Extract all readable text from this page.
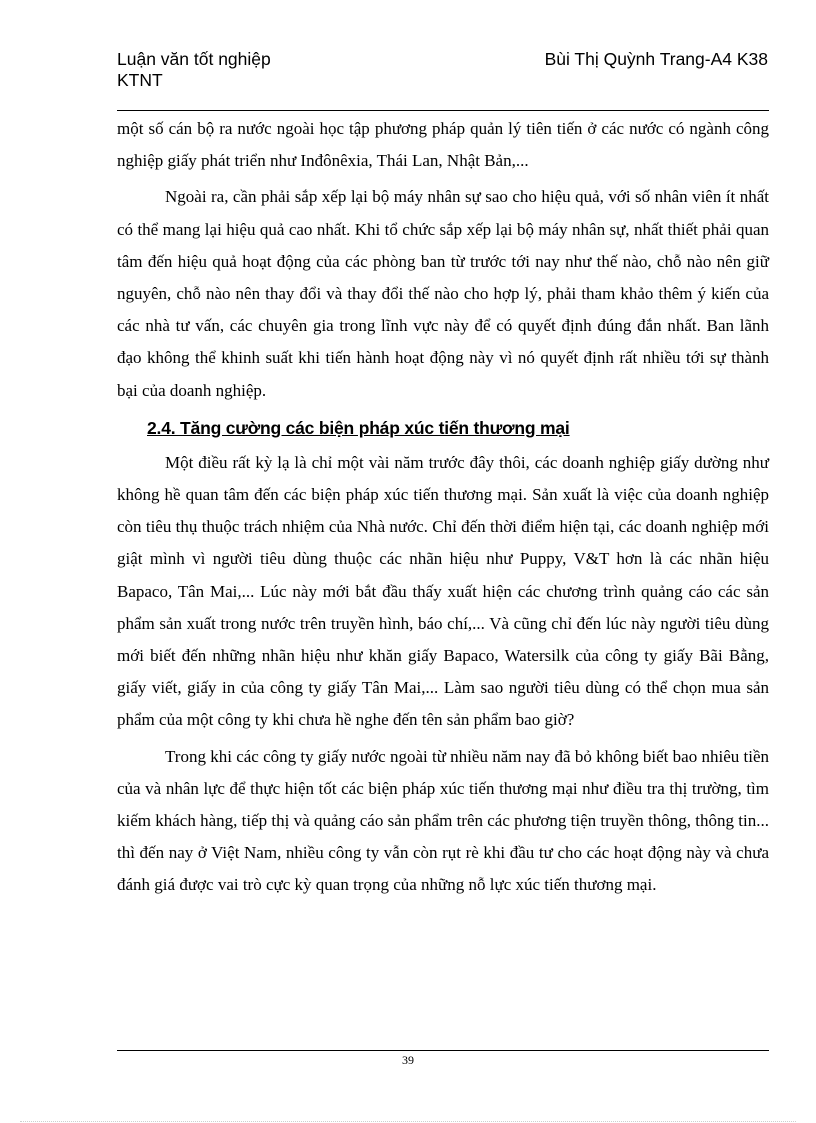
Luận văn tốt nghiệp
KTNT
Bùi Thị Quỳnh Trang-A4 K38

một số cán bộ ra nước ngoài học tập phương pháp quản lý tiên tiến ở các nước có ngành công nghiệp giấy phát triển như Inđônêxia, Thái Lan, Nhật Bản,...

Ngoài ra, cần phải sắp xếp lại bộ máy nhân sự sao cho hiệu quả, với số nhân viên ít nhất có thể mang lại hiệu quả cao nhất. Khi tổ chức sắp xếp lại bộ máy nhân sự, nhất thiết phải quan tâm đến hiệu quả hoạt động của các phòng ban từ trước tới nay như thế nào, chỗ nào nên giữ nguyên, chỗ nào nên thay đổi và thay đổi thế nào cho hợp lý, phải tham khảo thêm ý kiến của các nhà tư vấn, các chuyên gia trong lĩnh vực này để có quyết định đúng đắn nhất. Ban lãnh đạo không thể khinh suất khi tiến hành hoạt động này vì nó quyết định rất nhiều tới sự thành bại của doanh nghiệp.

2.4. Tăng cường các biện pháp xúc tiến thương mại

Một điều rất kỳ lạ là chỉ một vài năm trước đây thôi, các doanh nghiệp giấy dường như không hề quan tâm đến các biện pháp xúc tiến thương mại. Sản xuất là việc của doanh nghiệp còn tiêu thụ thuộc trách nhiệm của Nhà nước. Chỉ đến thời điểm hiện tại, các doanh nghiệp mới giật mình vì người tiêu dùng thuộc các nhãn hiệu như Puppy, V&T hơn là các nhãn hiệu Bapaco, Tân Mai,... Lúc này mới bắt đầu thấy xuất hiện các chương trình quảng cáo các sản phẩm sản xuất trong nước trên truyền hình, báo chí,... Và cũng chỉ đến lúc này người tiêu dùng mới biết đến những nhãn hiệu như khăn giấy Bapaco, Watersilk của công ty giấy Bãi Bằng, giấy viết, giấy in của công ty giấy Tân Mai,... Làm sao người tiêu dùng có thể chọn mua sản phẩm của một công ty khi chưa hề nghe đến tên sản phẩm bao giờ?

Trong khi các công ty giấy nước ngoài từ nhiều năm nay đã bỏ không biết bao nhiêu tiền của và nhân lực để thực hiện tốt các biện pháp xúc tiến thương mại như điều tra thị trường, tìm kiếm khách hàng, tiếp thị và quảng cáo sản phẩm trên các phương tiện truyền thông, thông tin... thì đến nay ở Việt Nam, nhiều công ty vẫn còn rụt rè khi đầu tư cho các hoạt động này và chưa đánh giá được vai trò cực kỳ quan trọng của những nỗ lực xúc tiến thương mại.

39
